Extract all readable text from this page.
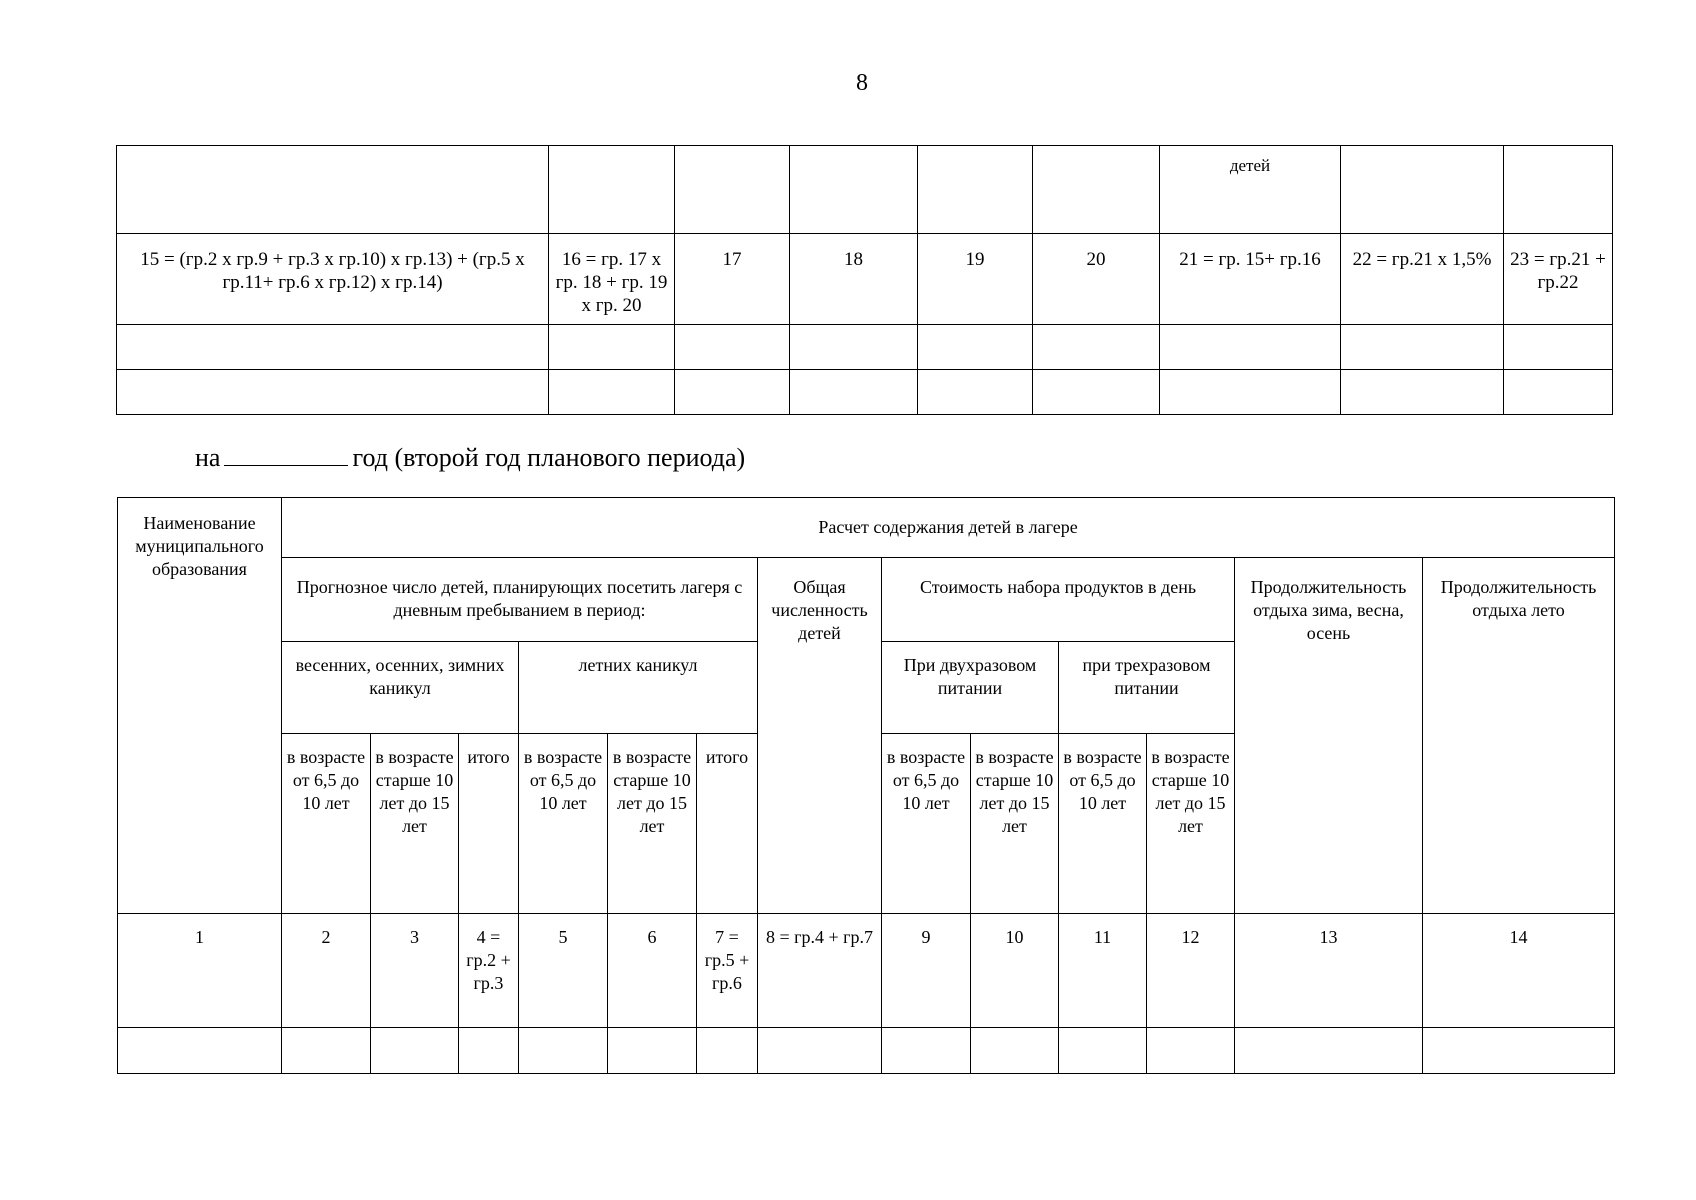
8
						детей		
15 = (гр.2 х гр.9 + гр.3 х гр.10) х гр.13) + (гр.5 х гр.11+ гр.6 х гр.12) х гр.14)	16 = гр. 17 х гр. 18 + гр. 19 х гр. 20	17	18	19	20	21 = гр. 15+ гр.16	22 = гр.21 х 1,5%	23 = гр.21 + гр.22

на	год (второй год планового периода)
Наименование муниципального образования	Расчет содержания детей в лагере												
	Прогнозное число детей, планирующих посетить лагеря с дневным пребыванием в период:						Общая численность детей	Стоимость набора продуктов в день				Продолжительность отдыха зима, весна, осень	Продолжительность отдыха лето
	весенних, осенних, зимних каникул			летних каникул				При двухразовом питании		при трехразовом питании			
	в возрасте от 6,5 до 10 лет	в возрасте старше 10 лет до 15 лет	итого	в возрасте от 6,5 до 10 лет	в возрасте старше 10 лет до 15 лет	итого		в возрасте от 6,5 до 10 лет	в возрасте старше 10 лет до 15 лет	в возрасте от 6,5 до 10 лет	в возрасте старше 10 лет до 15 лет		
1	2	3	4 = гр.2 + гр.3	5	6	7 = гр.5 + гр.6	8 = гр.4 + гр.7	9	10	11	12	13	14
